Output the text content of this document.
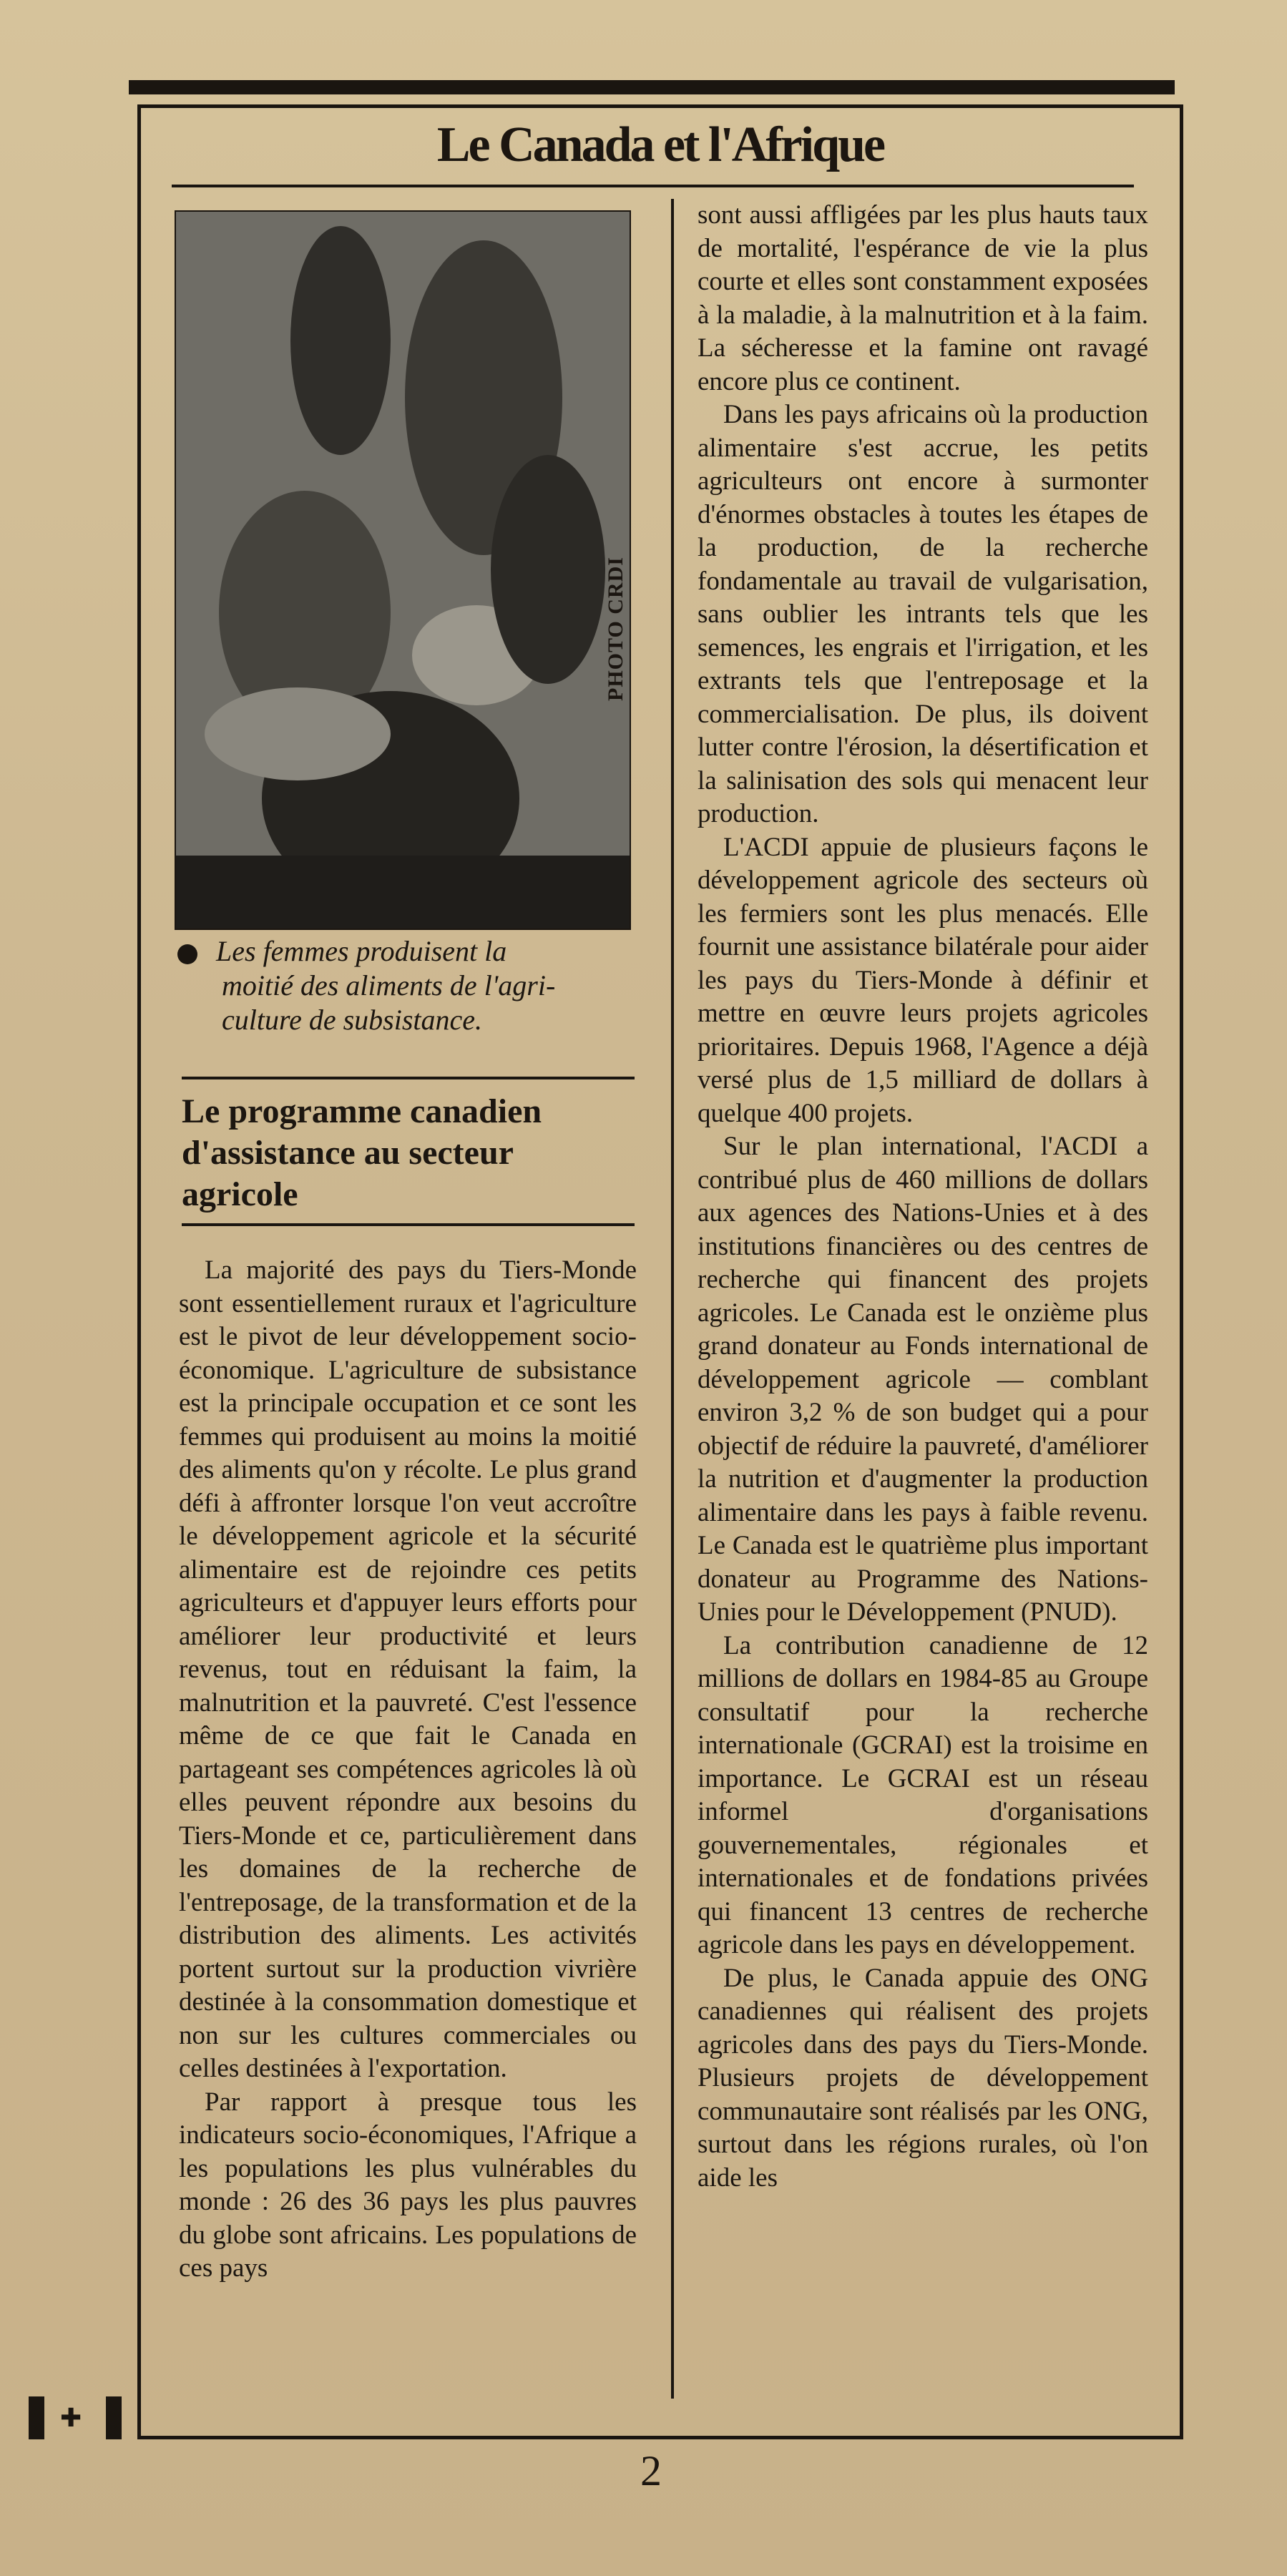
Le Canada et l'Afrique
PHOTO CRDI
Les femmes produisent la
moitié des aliments de l'agri-
culture de subsistance.
Le programme canadien
d'assistance au secteur
agricole

La majorité des pays du Tiers-Monde sont essentiellement ruraux et l'agriculture est le pivot de leur développement socio-économique. L'agriculture de subsistance est la principale occupation et ce sont les femmes qui produisent au moins la moitié des aliments qu'on y récolte. Le plus grand défi à affronter lorsque l'on veut accroître le développement agricole et la sécurité alimentaire est de rejoindre ces petits agriculteurs et d'appuyer leurs efforts pour améliorer leur productivité et leurs revenus, tout en réduisant la faim, la malnutrition et la pauvreté. C'est l'essence même de ce que fait le Canada en partageant ses compétences agricoles là où elles peuvent répondre aux besoins du Tiers-Monde et ce, particulièrement dans les domaines de la recherche de l'entreposage, de la transformation et de la distribution des aliments. Les activités portent surtout sur la production vivrière destinée à la consommation domestique et non sur les cultures commerciales ou celles destinées à l'exportation.

Par rapport à presque tous les indicateurs socio-économiques, l'Afrique a les populations les plus vulnérables du monde : 26 des 36 pays les plus pauvres du globe sont africains. Les populations de ces pays

sont aussi affligées par les plus hauts taux de mortalité, l'espérance de vie la plus courte et elles sont constamment exposées à la maladie, à la malnutrition et à la faim. La sécheresse et la famine ont ravagé encore plus ce continent.

Dans les pays africains où la production alimentaire s'est accrue, les petits agriculteurs ont encore à surmonter d'énormes obstacles à toutes les étapes de la production, de la recherche fondamentale au travail de vulgarisation, sans oublier les intrants tels que les semences, les engrais et l'irrigation, et les extrants tels que l'entreposage et la commercialisation. De plus, ils doivent lutter contre l'érosion, la désertification et la salinisation des sols qui menacent leur production.

L'ACDI appuie de plusieurs façons le développement agricole des secteurs où les fermiers sont les plus menacés. Elle fournit une assistance bilatérale pour aider les pays du Tiers-Monde à définir et mettre en œuvre leurs projets agricoles prioritaires. Depuis 1968, l'Agence a déjà versé plus de 1,5 milliard de dollars à quelque 400 projets.

Sur le plan international, l'ACDI a contribué plus de 460 millions de dollars aux agences des Nations-Unies et à des institutions financières ou des centres de recherche qui financent des projets agricoles. Le Canada est le onzième plus grand donateur au Fonds international de développement agricole — comblant environ 3,2 % de son budget qui a pour objectif de réduire la pauvreté, d'améliorer la nutrition et d'augmenter la production alimentaire dans les pays à faible revenu. Le Canada est le quatrième plus important donateur au Programme des Nations-Unies pour le Développement (PNUD).

La contribution canadienne de 12 millions de dollars en 1984-85 au Groupe consultatif pour la recherche internationale (GCRAI) est la troisime en importance. Le GCRAI est un réseau informel d'organisations gouvernementales, régionales et internationales et de fondations privées qui financent 13 centres de recherche agricole dans les pays en développement.

De plus, le Canada appuie des ONG canadiennes qui réalisent des projets agricoles dans des pays du Tiers-Monde. Plusieurs projets de développement communautaire sont réalisés par les ONG, surtout dans les régions rurales, où l'on aide les

✚
2
